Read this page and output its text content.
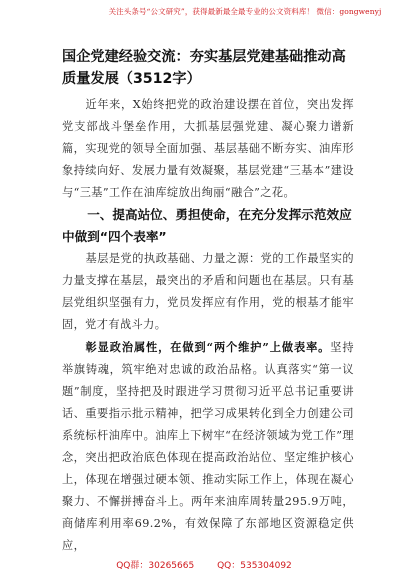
关注头条号“公文研究”，获得最新最全最专业的公文资料库！ 微信：gongwenyj
国企党建经验交流：夯实基层党建基础推动高质量发展（3512字）

近年来，X始终把党的政治建设摆在首位，突出发挥党支部战斗堡垒作用，大抓基层强党建、凝心聚力谱新篇，实现党的领导全面加强、基层基础不断夯实、油库形象持续向好、发展力量有效凝聚，基层党建“三基本”建设与“三基”工作在油库绽放出绚丽“融合”之花。

一、提高站位、勇担使命，在充分发挥示范效应中做到“四个表率”

基层是党的执政基础、力量之源：党的工作最坚实的力量支撑在基层，最突出的矛盾和问题也在基层。只有基层党组织坚强有力，党员发挥应有作用，党的根基才能牢固，党才有战斗力。

彰显政治属性，在做到“两个维护”上做表率。坚持举旗铸魂，筑牢绝对忠诚的政治品格。认真落实“第一议题”制度，坚持把及时跟进学习贯彻习近平总书记重要讲话、重要指示批示精神，把学习成果转化到全力创建公司系统标杆油库中。油库上下树牢“在经济领域为党工作”理念，突出把政治底色体现在提高政治站位、坚定维护核心上，体现在增强过硬本领、推动实际工作上，体现在凝心聚力、不懈拼搏奋斗上。两年来油库周转量295.9万吨，商储库利用率69.2%，有效保障了东部地区资源稳定供应，

QQ群：30265665	QQ：535304092
